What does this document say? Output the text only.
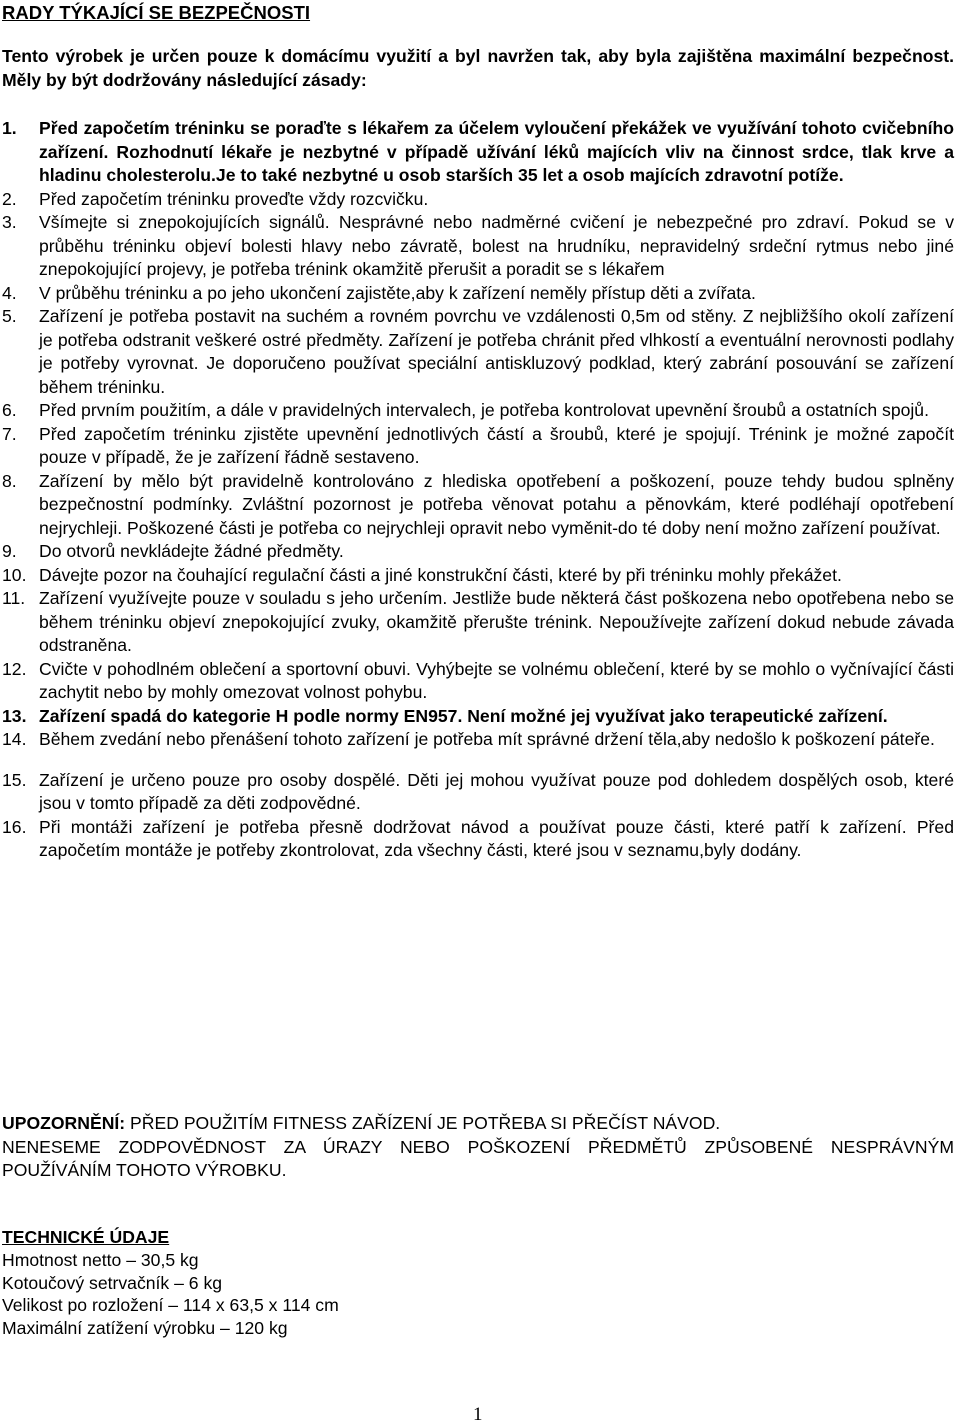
RADY TÝKAJÍCÍ SE BEZPEČNOSTI

Tento výrobek je určen pouze k domácímu využití a byl navržen tak, aby byla zajištěna maximální bezpečnost. Měly by být dodržovány následující zásady:

1. Před započetím tréninku se poraďte s lékařem za účelem vyloučení překážek ve využívání tohoto cvičebního zařízení. Rozhodnutí lékaře je nezbytné v případě užívání léků majících vliv na činnost srdce, tlak krve a hladinu cholesterolu.Je to také nezbytné u osob starších 35 let a osob majících zdravotní potíže.
2. Před započetím tréninku proveďte vždy rozcvičku.
3. Všímejte si znepokojujících signálů. Nesprávné nebo nadměrné cvičení je nebezpečné pro zdraví. Pokud se v průběhu tréninku objeví bolesti hlavy nebo závratě, bolest na hrudníku, nepravidelný srdeční rytmus nebo jiné znepokojující projevy, je potřeba trénink okamžitě přerušit a poradit se s lékařem
4. V průběhu tréninku a po jeho ukončení zajistěte,aby k zařízení neměly přístup děti a zvířata.
5. Zařízení je potřeba postavit na suchém a rovném povrchu ve vzdálenosti 0,5m od stěny. Z nejbližšího okolí zařízení je potřeba odstranit veškeré ostré předměty. Zařízení je potřeba chránit před vlhkostí a eventuální nerovnosti podlahy je potřeby vyrovnat. Je doporučeno používat speciální antiskluzový podklad, který zabrání posouvání se zařízení během tréninku.
6. Před prvním použitím, a dále v pravidelných intervalech, je potřeba kontrolovat upevnění šroubů a ostatních spojů.
7. Před započetím tréninku zjistěte upevnění jednotlivých částí a šroubů, které je spojují. Trénink je možné započít pouze v případě, že je zařízení řádně sestaveno.
8. Zařízení by mělo být pravidelně kontrolováno z hlediska opotřebení a poškození, pouze tehdy budou splněny bezpečnostní podmínky. Zvláštní pozornost je potřeba věnovat potahu a pěnovkám, které podléhají opotřebení nejrychleji. Poškozené části je potřeba co nejrychleji opravit nebo vyměnit-do té doby není možno zařízení používat.
9. Do otvorů nevkládejte žádné předměty.
10. Dávejte pozor na čouhající regulační části a jiné konstrukční části, které by při tréninku mohly překážet.
11. Zařízení využívejte pouze v souladu s jeho určením. Jestliže bude některá část poškozena nebo opotřebena nebo se během tréninku objeví znepokojující zvuky, okamžitě přerušte trénink. Nepoužívejte zařízení dokud nebude závada odstraněna.
12. Cvičte v pohodlném oblečení a sportovní obuvi. Vyhýbejte se volnému oblečení, které by se mohlo o vyčnívající části zachytit nebo by mohly omezovat volnost pohybu.
13. Zařízení spadá do kategorie H podle normy EN957. Není možné jej využívat jako terapeutické zařízení.
14. Během zvedání nebo přenášení tohoto zařízení je potřeba mít správné držení těla,aby nedošlo k poškození páteře.
15. Zařízení je určeno pouze pro osoby dospělé. Děti jej mohou využívat pouze pod dohledem dospělých osob, které jsou v tomto případě za děti zodpovědné.
16. Při montáži zařízení je potřeba přesně dodržovat návod a používat pouze části, které patří k zařízení. Před započetím montáže je potřeby zkontrolovat, zda všechny části, které jsou v seznamu,byly dodány.
UPOZORNĚNÍ: PŘED POUŽITÍM FITNESS ZAŘÍZENÍ JE POTŘEBA SI PŘEČÍST NÁVOD.
NENESEME ZODPOVĚDNOST ZA ÚRAZY NEBO POŠKOZENÍ PŘEDMĚTŮ ZPŮSOBENÉ NESPRÁVNÝM POUŽÍVÁNÍM TOHOTO VÝROBKU.
TECHNICKÉ ÚDAJE
Hmotnost netto – 30,5 kg
Kotoučový setrvačník – 6 kg
Velikost po rozložení – 114 x 63,5 x 114 cm
Maximální zatížení výrobku – 120 kg
1
